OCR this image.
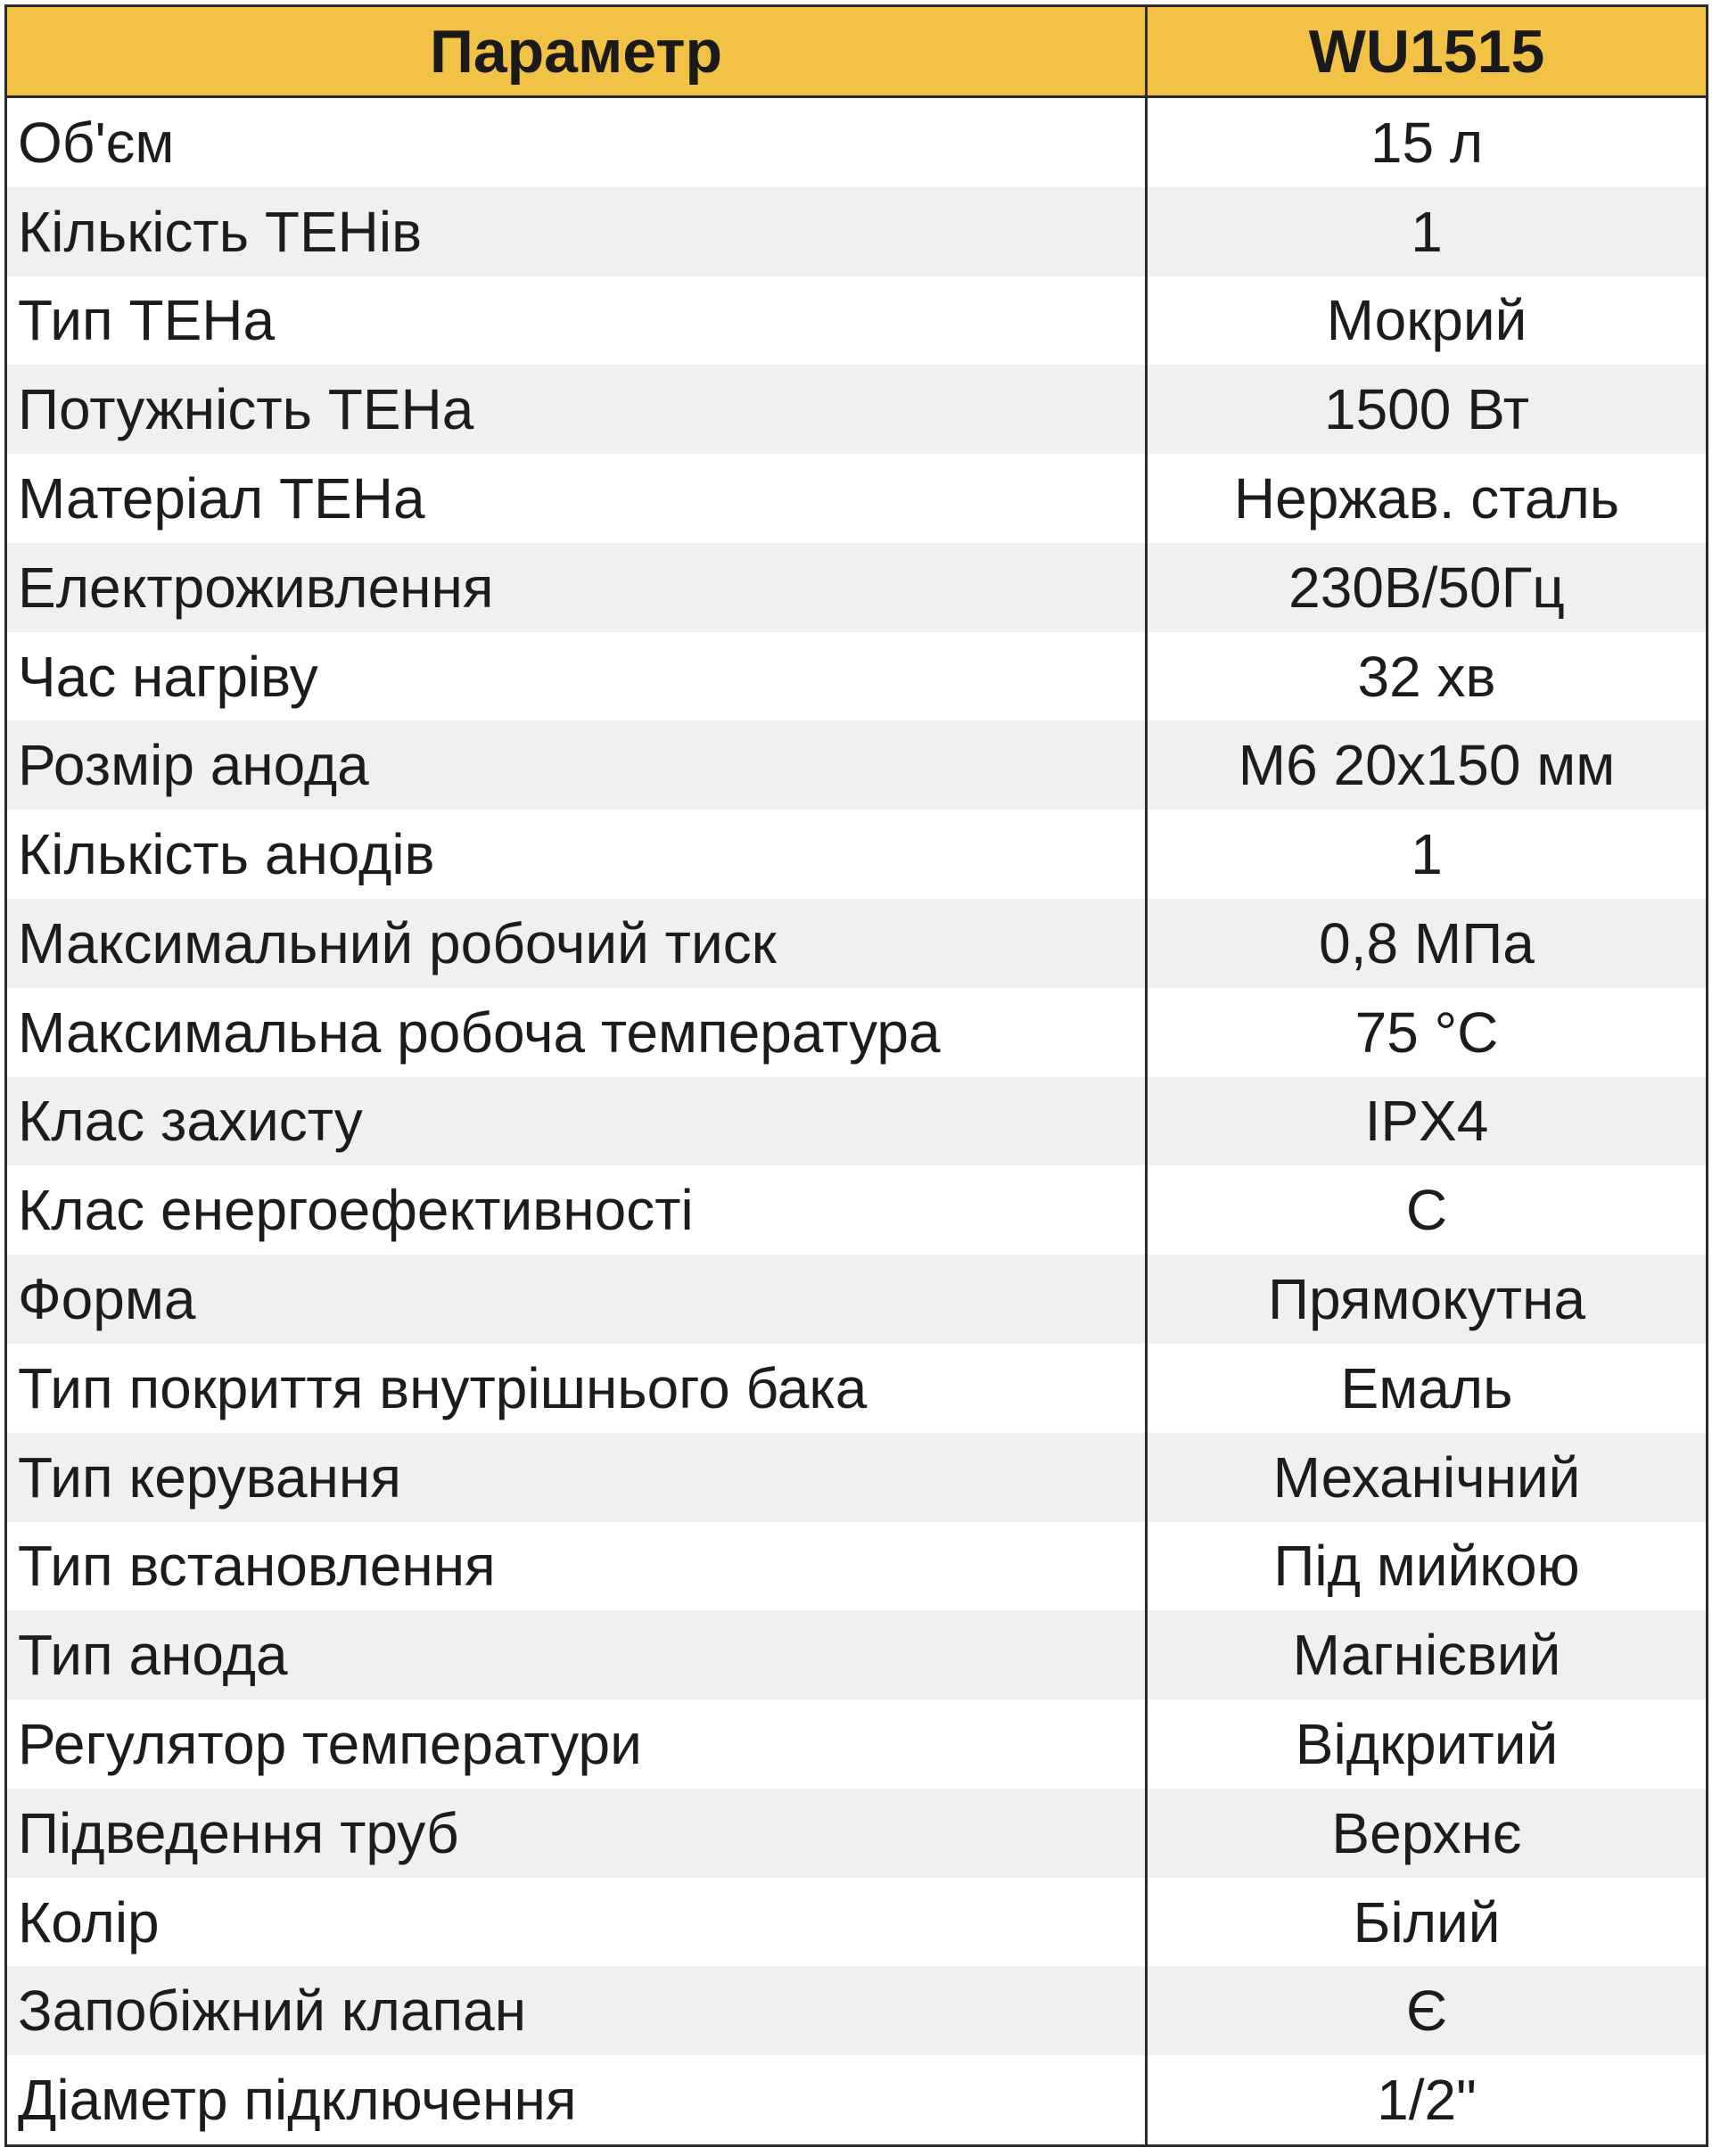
Параметр	WU1515
Об'єм	15 л
Кількість ТЕНів	1
Тип ТЕНа	Мокрий
Потужність ТЕНа	1500 Вт
Матеріал ТЕНа	Нержав. сталь
Електроживлення	230В/50Гц
Час нагріву	32 хв
Розмір анода	M6 20x150 мм
Кількість анодів	1
Максимальний робочий тиск	0,8 МПа
Максимальна робоча температура	75 °C
Клас захисту	IPX4
Клас енергоефективності	C
Форма	Прямокутна
Тип покриття внутрішнього бака	Емаль
Тип керування	Механічний
Тип встановлення	Під мийкою
Тип анода	Магнієвий
Регулятор температури	Відкритий
Підведення труб	Верхнє
Колір	Білий
Запобіжний клапан	Є
Діаметр підключення	1/2"
